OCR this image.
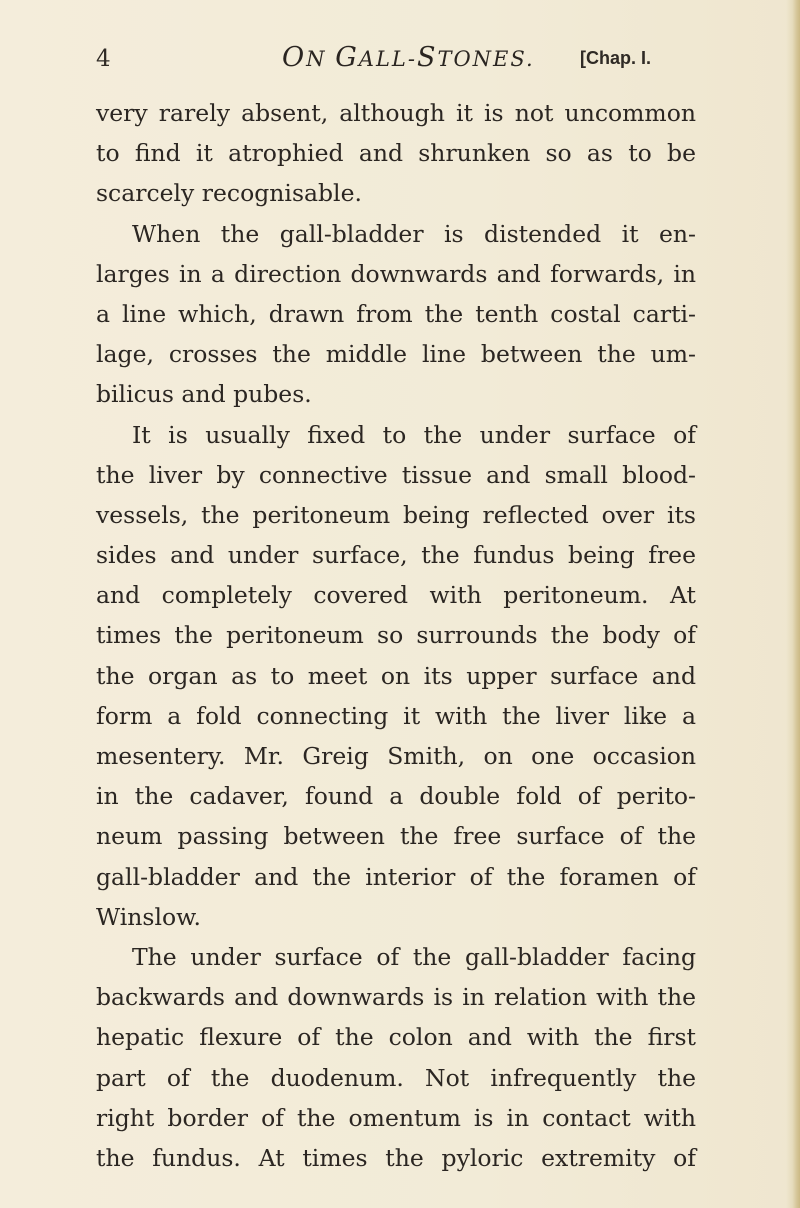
4	ON GALL-STONES.	[Chap. I.
very rarely absent, although it is not uncommon
to find it atrophied and shrunken so as to be
scarcely recognisable.
When the gall-bladder is distended it en-
larges in a direction downwards and forwards, in
a line which, drawn from the tenth costal carti-
lage, crosses the middle line between the um-
bilicus and pubes.
It is usually fixed to the under surface of
the liver by connective tissue and small blood-
vessels, the peritoneum being reflected over its
sides and under surface, the fundus being free
and completely covered with peritoneum. At
times the peritoneum so surrounds the body of
the organ as to meet on its upper surface and
form a fold connecting it with the liver like a
mesentery. Mr. Greig Smith, on one occasion
in the cadaver, found a double fold of perito-
neum passing between the free surface of the
gall-bladder and the interior of the foramen of
Winslow.
The under surface of the gall-bladder facing
backwards and downwards is in relation with the
hepatic flexure of the colon and with the first
part of the duodenum. Not infrequently the
right border of the omentum is in contact with
the fundus. At times the pyloric extremity of
